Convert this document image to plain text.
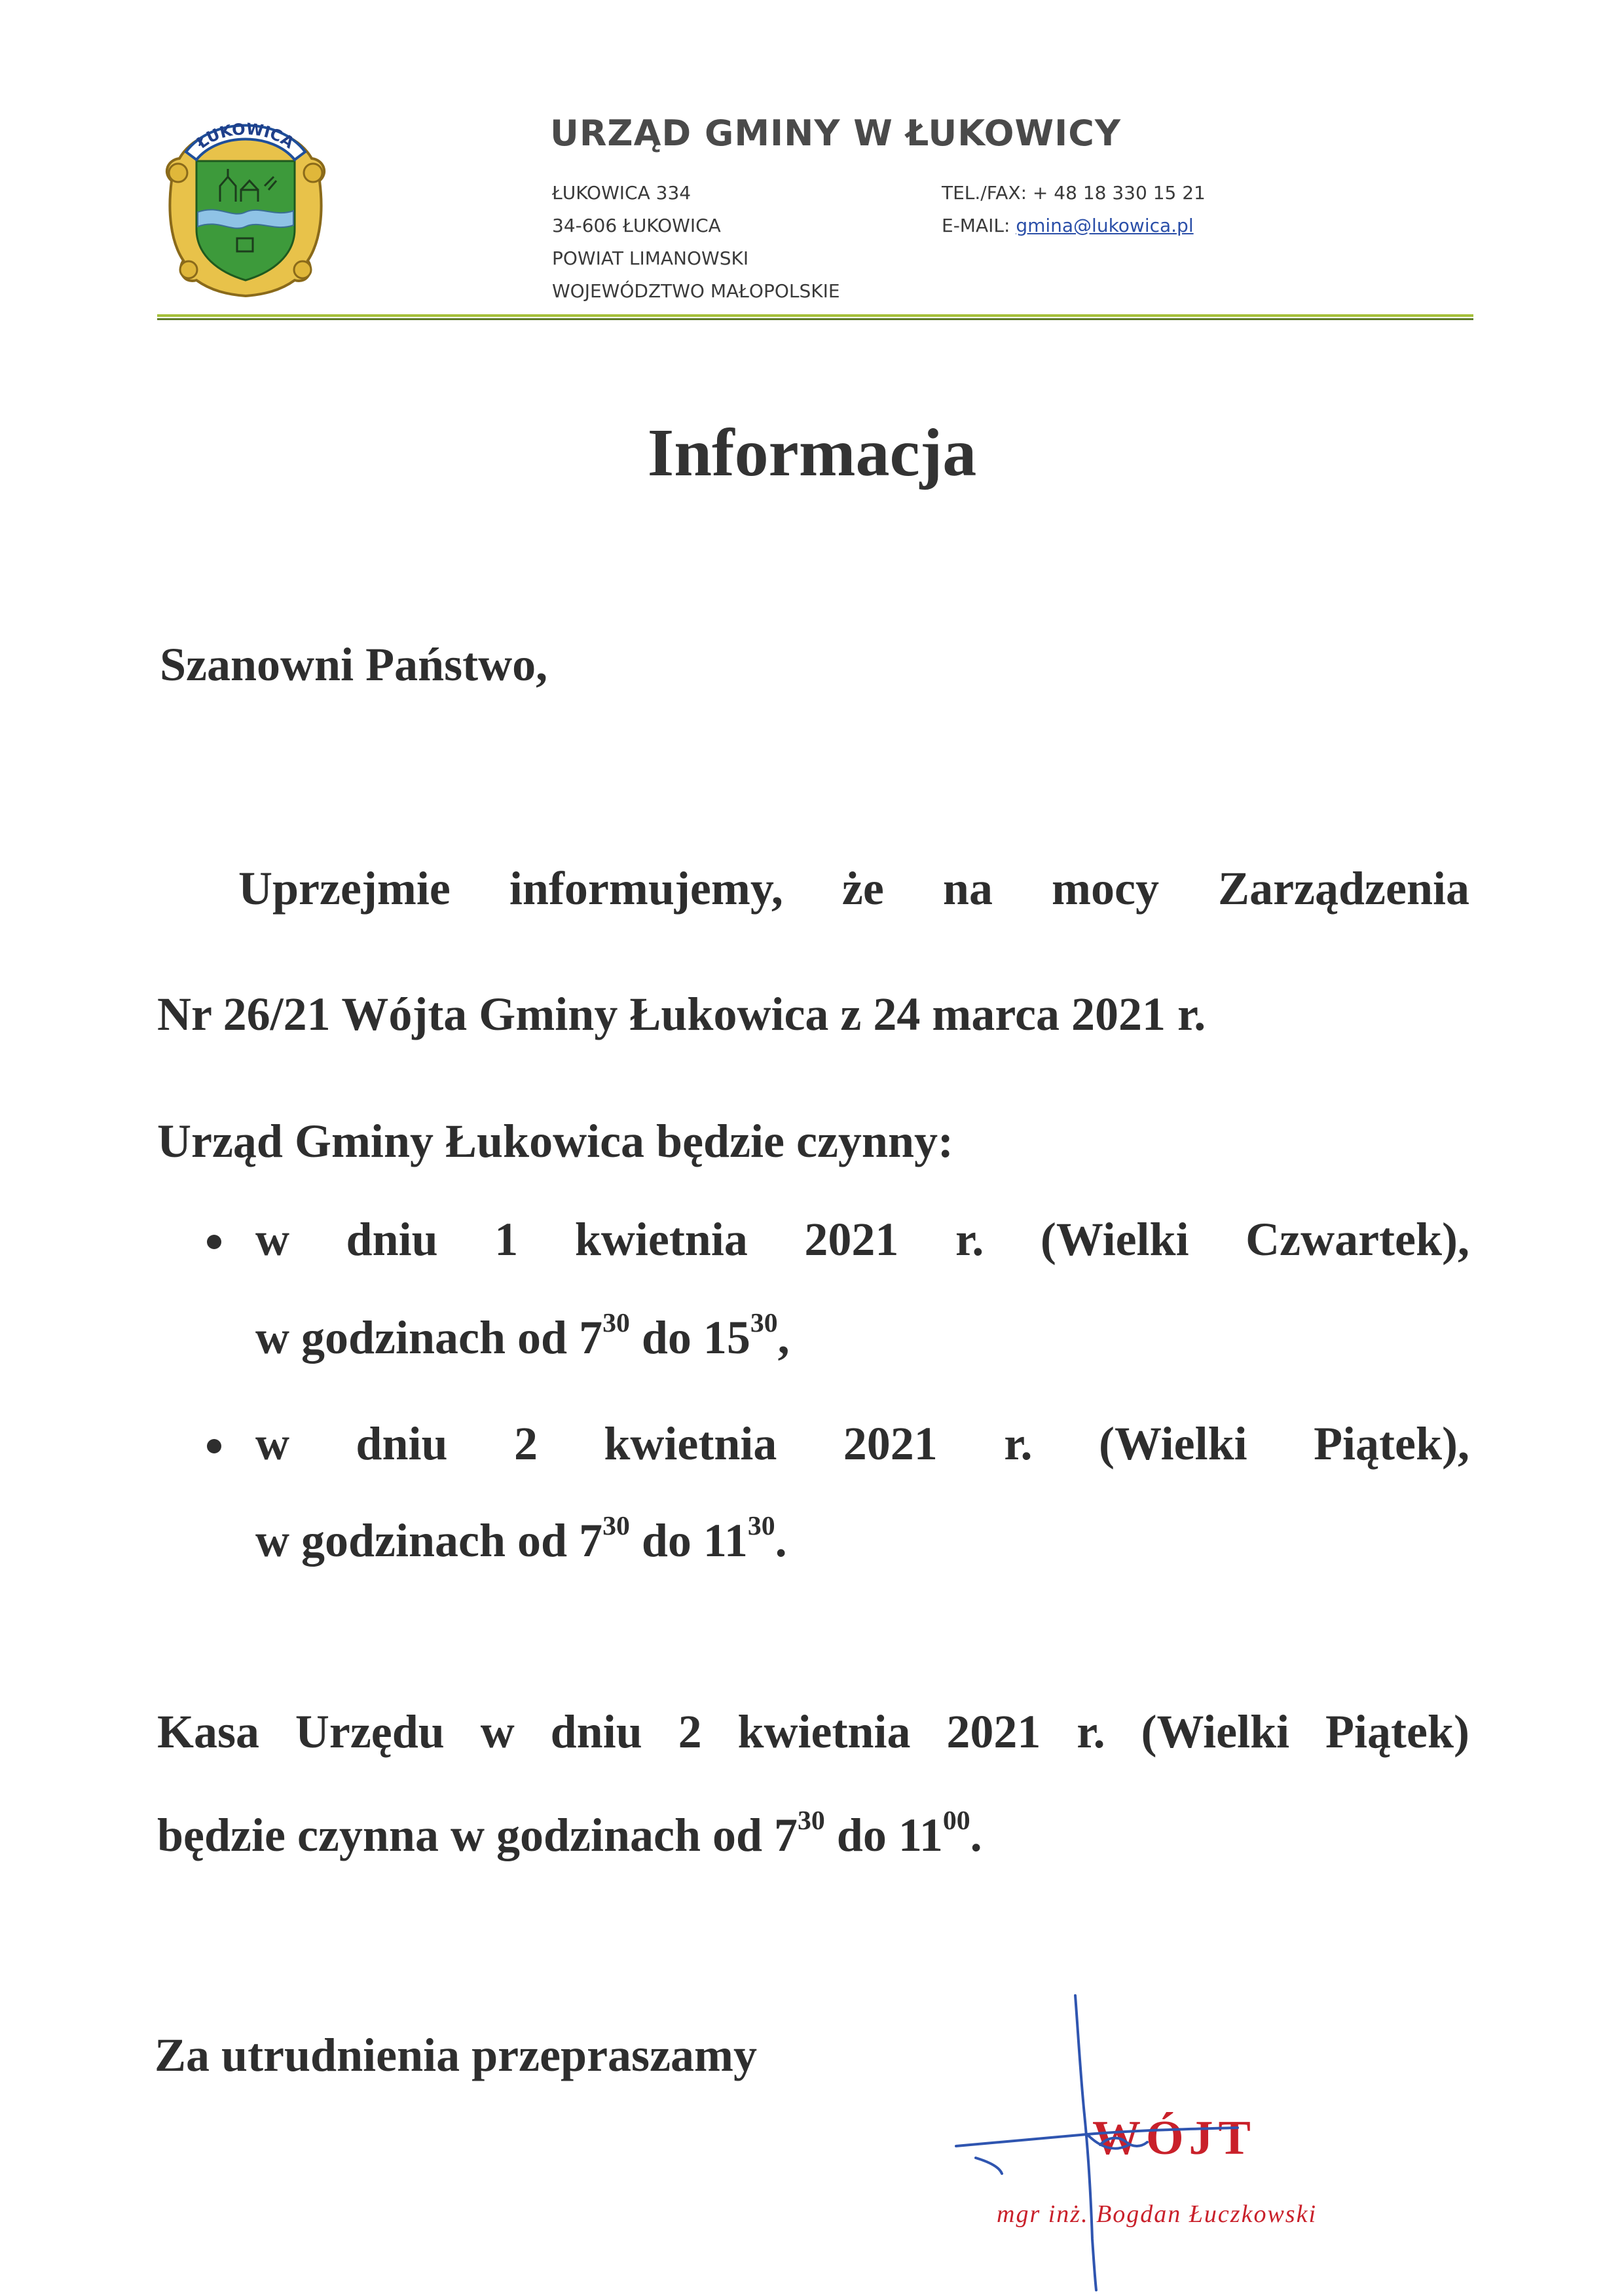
ŁUKOWICA	URZĄD GMINY W ŁUKOWICY
ŁUKOWICA 334
34-606 ŁUKOWICA
POWIAT LIMANOWSKI
WOJEWÓDZTWO MAŁOPOLSKIE
TEL./FAX: + 48 18 330 15 21
E-MAIL: gmina@lukowica.pl
Informacja
Szanowni Państwo,
Uprzejmie informujemy, że na mocy Zarządzenia
Nr 26/21 Wójta Gminy Łukowica z 24 marca 2021 r.
Urząd Gminy Łukowica będzie czynny:
w dniu 1 kwietnia 2021 r. (Wielki Czwartek),
w godzinach od $7^{30}$ do $15^{30}$,
w dniu 2 kwietnia 2021 r. (Wielki Piątek),
w godzinach od $7^{30}$ do $11^{30}$.
Kasa Urzędu w dniu 2 kwietnia 2021 r. (Wielki Piątek)
będzie czynna w godzinach od $7^{30}$ do $11^{00}$.
Za utrudnienia przepraszamy
WÓJT
mgr inż. Bogdan Łuczkowski
